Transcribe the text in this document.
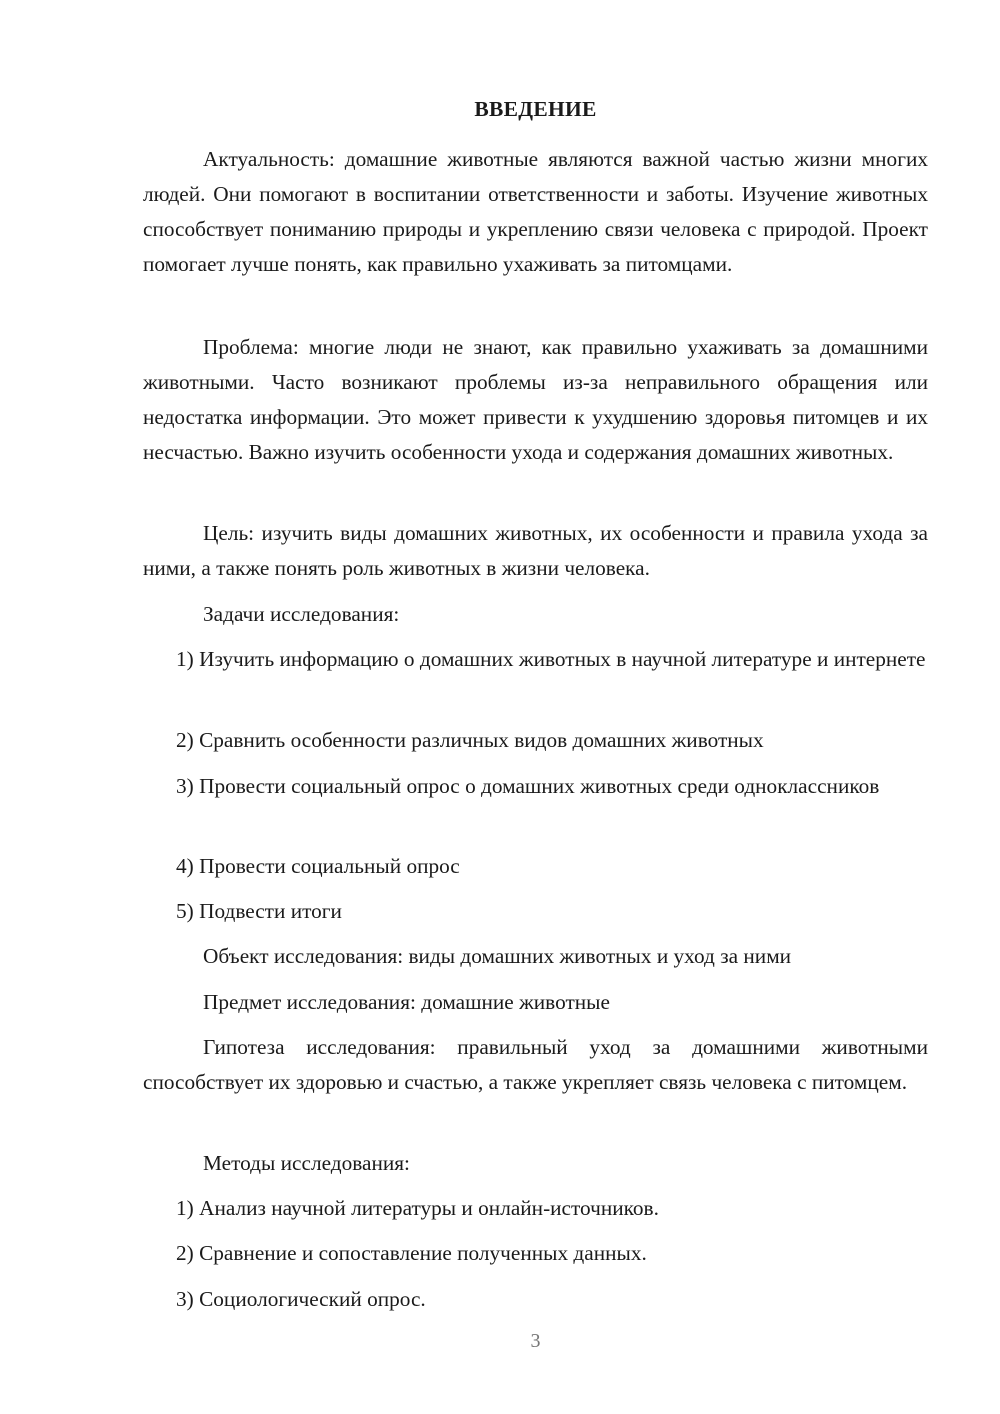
ВВЕДЕНИЕ

Актуальность: домашние животные являются важной частью жизни многих людей. Они помогают в воспитании ответственности и заботы. Изучение животных способствует пониманию природы и укреплению связи человека с природой. Проект помогает лучше понять, как правильно ухаживать за питомцами.

Проблема: многие люди не знают, как правильно ухаживать за домашними животными. Часто возникают проблемы из-за неправильного обращения или недостатка информации. Это может привести к ухудшению здоровья питомцев и их несчастью. Важно изучить особенности ухода и содержания домашних животных.

Цель: изучить виды домашних животных, их особенности и правила ухода за ними, а также понять роль животных в жизни человека.

Задачи исследования:

1) Изучить информацию о домашних животных в научной литературе и интернете

2) Сравнить особенности различных видов домашних животных

3) Провести социальный опрос о домашних животных среди одноклассников

4) Провести социальный опрос

5) Подвести итоги

Объект исследования: виды домашних животных и уход за ними

Предмет исследования: домашние животные

Гипотеза исследования: правильный уход за домашними животными способствует их здоровью и счастью, а также укрепляет связь человека с питомцем.

Методы исследования:

1) Анализ научной литературы и онлайн-источников.

2) Сравнение и сопоставление полученных данных.

3) Социологический опрос.

3
